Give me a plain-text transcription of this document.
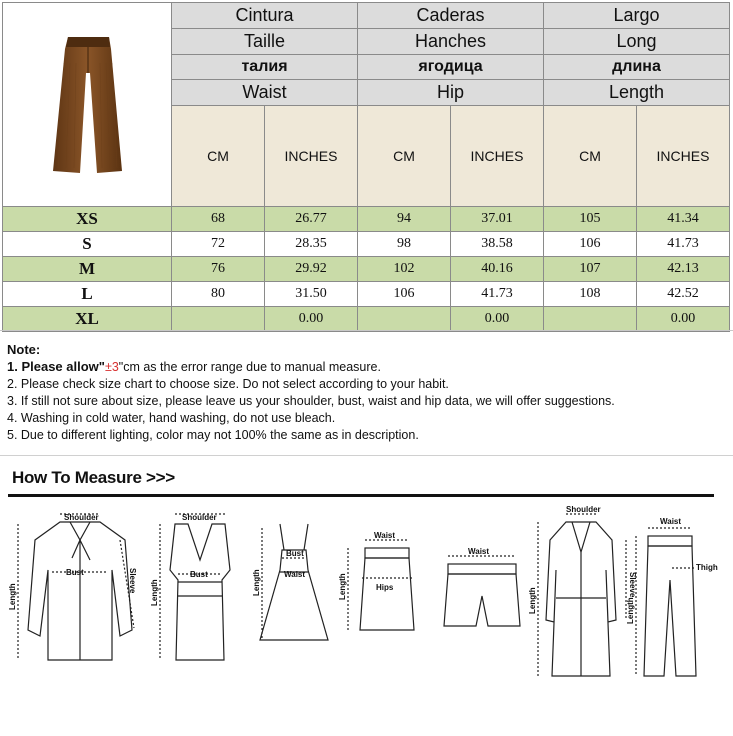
	Cintura		Caderas		Largo	
	Taille		Hanches		Long	
	талия		ягодица		длина	
	Waist		Hip		Length	
	CM	INCHES	CM	INCHES	CM	INCHES
XS	68	26.77	94	37.01	105	41.34
S	72	28.35	98	38.58	106	41.73
M	76	29.92	102	40.16	107	42.13
L	80	31.50	106	41.73	108	42.52
XL		0.00		0.00		0.00
Note:
1. Please allow"±3"cm as the error range due to manual measure.
2. Please check size chart to choose size. Do not select according to your habit.
3. If still not sure about size, please leave us your shoulder, bust, waist and hip data, we will offer suggestions.
4. Washing in cold water, hand washing, do not use bleach.
5. Due to different lighting, color may not 100% the same as in description.
How To Measure >>>
Shoulder
Bust	Sleeve
Length
Shoulder
Bust
Length
Bust
Waist
Length
Waist
Hips
Length
Waist
Shoulder
Length
Sleeve
Waist
Thigh
Length
